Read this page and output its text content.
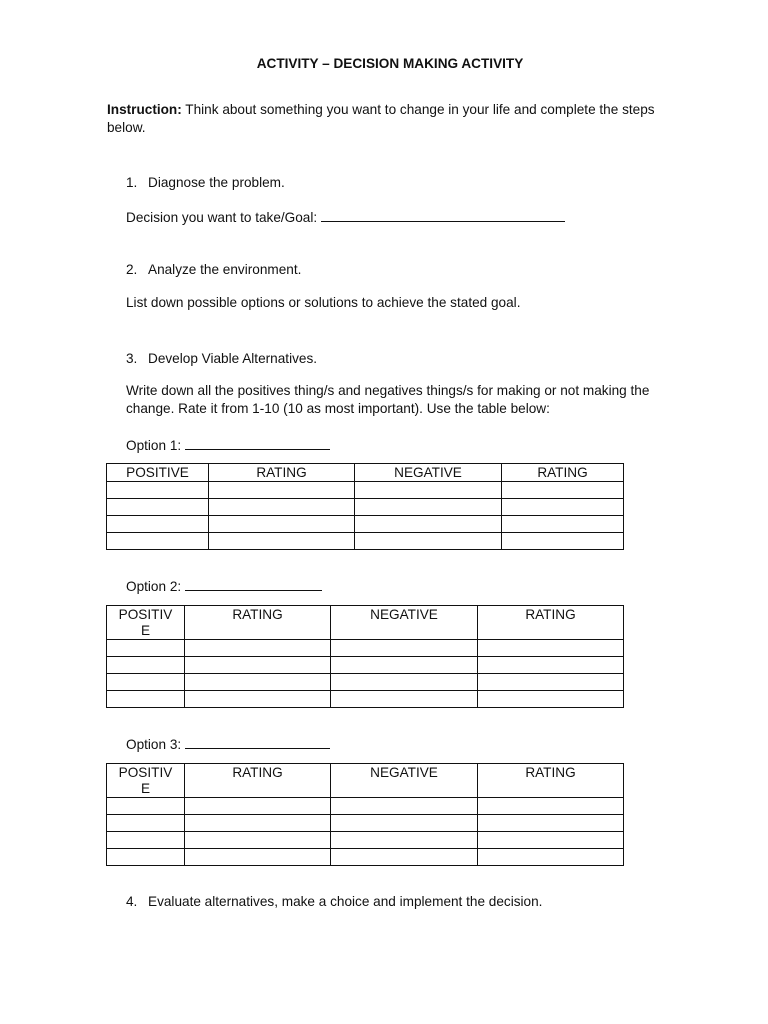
ACTIVITY – DECISION MAKING ACTIVITY
Instruction: Think about something you want to change in your life and complete the steps below.
1. Diagnose the problem.
Decision you want to take/Goal:
2. Analyze the environment.
List down possible options or solutions to achieve the stated goal.
3. Develop Viable Alternatives.
Write down all the positives thing/s and negatives things/s for making or not making the change. Rate it from 1-10 (10 as most important). Use the table below:
Option 1:
POSITIVE	RATING	NEGATIVE	RATING

Option 2:
POSITIV E	RATING	NEGATIVE	RATING

Option 3:
POSITIV E	RATING	NEGATIVE	RATING

4. Evaluate alternatives, make a choice and implement the decision.
